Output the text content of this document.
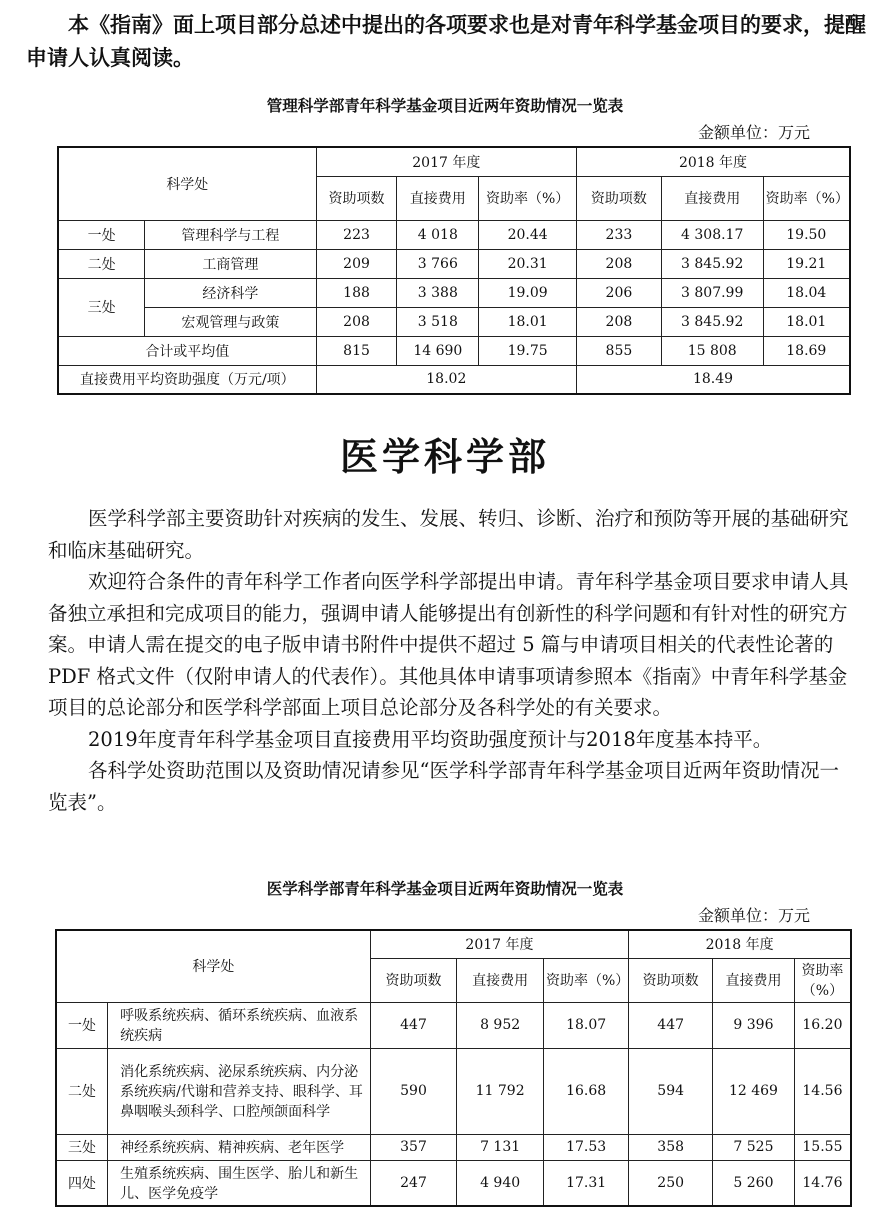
本《指南》面上项目部分总述中提出的各项要求也是对青年科学基金项目的要求，提醒申请人认真阅读。
管理科学部青年科学基金项目近两年资助情况一览表
金额单位：万元
科学处		2017 年度			2018 年度		
		资助项数	直接费用	资助率（%）	资助项数	直接费用	资助率（%）
一处	管理科学与工程	223	4 018	20.44	233	4 308.17	19.50
二处	工商管理	209	3 766	20.31	208	3 845.92	19.21
三处	经济科学	188	3 388	19.09	206	3 807.99	18.04
	宏观管理与政策	208	3 518	18.01	208	3 845.92	18.01
合计或平均值		815	14 690	19.75	855	15 808	18.69
直接费用平均资助强度（万元/项）		18.02			18.49		
医学科学部

医学科学部主要资助针对疾病的发生、发展、转归、诊断、治疗和预防等开展的基础研究和临床基础研究。

欢迎符合条件的青年科学工作者向医学科学部提出申请。青年科学基金项目要求申请人具备独立承担和完成项目的能力，强调申请人能够提出有创新性的科学问题和有针对性的研究方案。申请人需在提交的电子版申请书附件中提供不超过 5 篇与申请项目相关的代表性论著的 PDF 格式文件（仅附申请人的代表作）。其他具体申请事项请参照本《指南》中青年科学基金项目的总论部分和医学科学部面上项目总论部分及各科学处的有关要求。

2019年度青年科学基金项目直接费用平均资助强度预计与2018年度基本持平。

各科学处资助范围以及资助情况请参见“医学科学部青年科学基金项目近两年资助情况一览表”。

医学科学部青年科学基金项目近两年资助情况一览表
金额单位：万元
科学处		2017 年度			2018 年度		
		资助项数	直接费用	资助率（%）	资助项数	直接费用	资助率（%）
一处	呼吸系统疾病、循环系统疾病、血液系统疾病	447	8 952	18.07	447	9 396	16.20
二处	消化系统疾病、泌尿系统疾病、内分泌系统疾病/代谢和营养支持、眼科学、耳鼻咽喉头颈科学、口腔颅颌面科学	590	11 792	16.68	594	12 469	14.56
三处	神经系统疾病、精神疾病、老年医学	357	7 131	17.53	358	7 525	15.55
四处	生殖系统疾病、围生医学、胎儿和新生儿、医学免疫学	247	4 940	17.31	250	5 260	14.76
